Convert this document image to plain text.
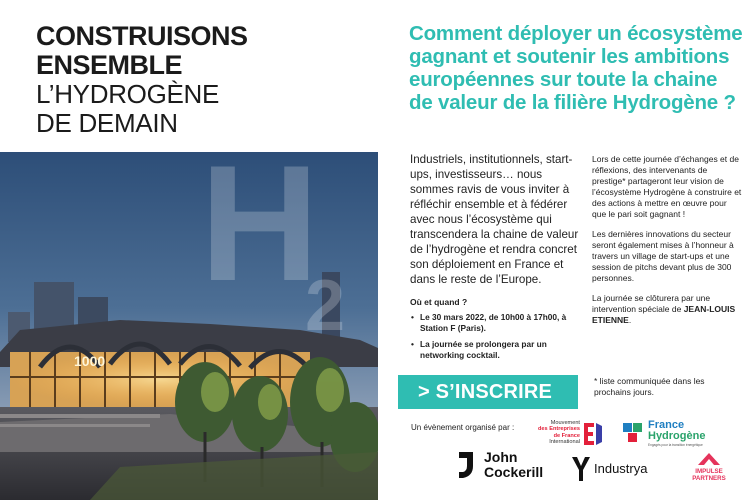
CONSTRUISONS
ENSEMBLE
L’HYDROGÈNE
DE DEMAIN
1000
H
2
Comment déployer un écosystème gagnant et soutenir les ambitions européennes sur toute la chaine de valeur de la filière Hydrogène ?
Industriels, institutionnels, start-ups, investisseurs… nous sommes ravis de vous inviter à réfléchir ensemble et à fédérer avec nous l’écosystème qui transcendera la chaine de valeur de l’hydrogène et rendra concret son déploiement en France et dans le reste de l’Europe.
Où et quand ?
• Le 30 mars 2022, de 10h00 à 17h00, à Station F (Paris).
• La journée se prolongera par un networking cocktail.

Lors de cette journée d’échanges et de réflexions, des intervenants de prestige* partageront leur vision de l’écosystème Hydrogène à construire et des actions à mettre en œuvre pour que le pari soit gagnant !

Les dernières innovations du secteur seront également mises à l’honneur à travers un village de start-ups et une session de pitchs devant plus de 300 personnes.

La journée se clôturera par une intervention spéciale de JEAN-LOUIS ETIENNE.

> S’INSCRIRE	* liste communiquée dans les prochains jours.
Un évènement organisé par :	Mouvement
des Entreprises
de France
International
France
Hydrogène
Engagés pour la transition énergétique
John
Cockerill	Industrya	IMPULSE
PARTNERS
